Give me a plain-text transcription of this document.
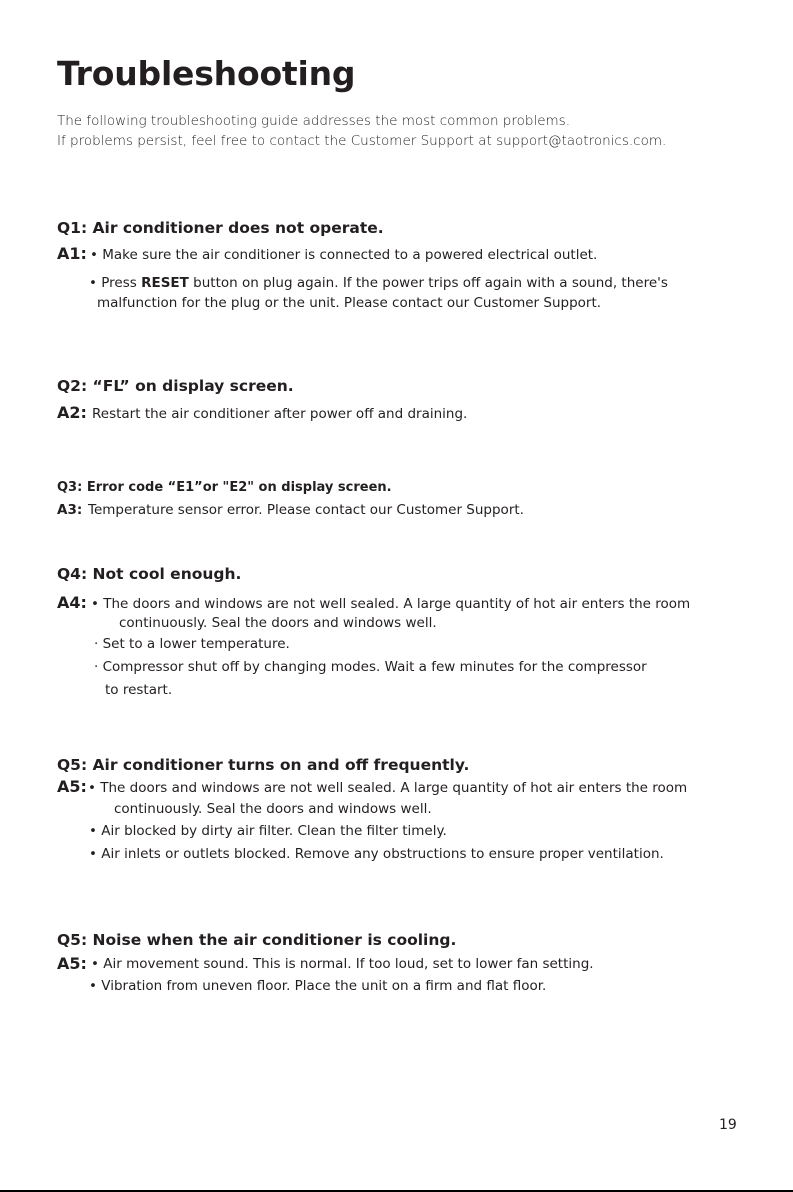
Troubleshooting
The following troubleshooting guide addresses the most common problems.
If problems persist, feel free to contact the Customer Support at support@taotronics.com.
Q1: Air conditioner does not operate.
A1: • Make sure the air conditioner is connected to a powered electrical outlet.
• Press RESET button on plug again. If the power trips off again with a sound, there's
malfunction for the plug or the unit. Please contact our Customer Support.
Q2: “FL” on display screen.
A2: Restart the air conditioner after power off and draining.
Q3: Error code “E1”or "E2" on display screen.
A3: Temperature sensor error. Please contact our Customer Support.
Q4: Not cool enough.
A4: • The doors and windows are not well sealed. A large quantity of hot air enters the room
continuously. Seal the doors and windows well.
· Set to a lower temperature.
· Compressor shut off by changing modes. Wait a few minutes for the compressor
to restart.
Q5: Air conditioner turns on and off frequently.
A5: • The doors and windows are not well sealed. A large quantity of hot air enters the room
continuously. Seal the doors and windows well.
• Air blocked by dirty air filter. Clean the filter timely.
• Air inlets or outlets blocked. Remove any obstructions to ensure proper ventilation.
Q5: Noise when the air conditioner is cooling.
A5: • Air movement sound. This is normal. If too loud, set to lower fan setting.
• Vibration from uneven floor. Place the unit on a firm and flat floor.
19
